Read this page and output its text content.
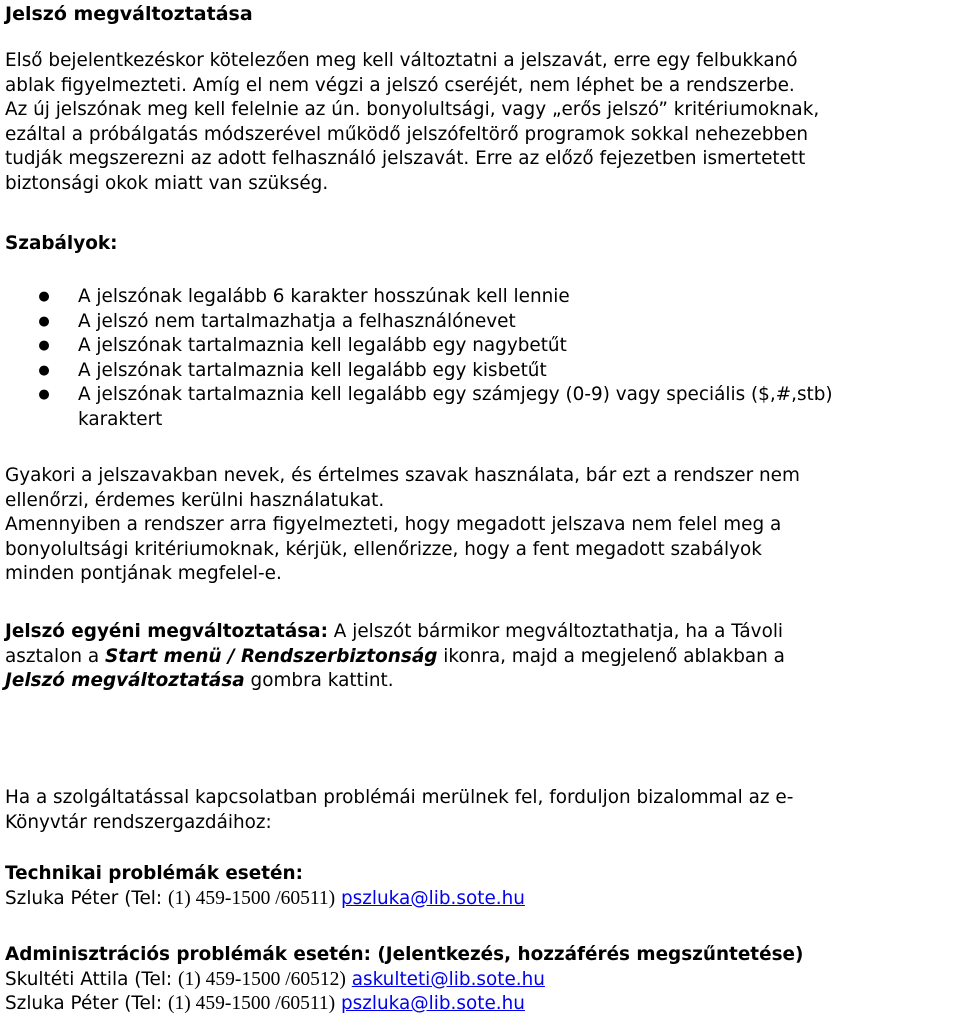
Jelszó megváltoztatása
Első bejelentkezéskor kötelezően meg kell változtatni a jelszavát, erre egy felbukkanó
ablak figyelmezteti. Amíg el nem végzi a jelszó cseréjét, nem léphet be a rendszerbe.
Az új jelszónak meg kell felelnie az ún. bonyolultsági, vagy „erős jelszó” kritériumoknak,
ezáltal a próbálgatás módszerével működő jelszófeltörő programok sokkal nehezebben
tudják megszerezni az adott felhasználó jelszavát. Erre az előző fejezetben ismertetett
biztonsági okok miatt van szükség.
Szabályok:
● A jelszónak legalább 6 karakter hosszúnak kell lennie
● A jelszó nem tartalmazhatja a felhasználónevet
● A jelszónak tartalmaznia kell legalább egy nagybetűt
● A jelszónak tartalmaznia kell legalább egy kisbetűt
● A jelszónak tartalmaznia kell legalább egy számjegy (0-9) vagy speciális ($,#,stb)
karaktert
Gyakori a jelszavakban nevek, és értelmes szavak használata, bár ezt a rendszer nem
ellenőrzi, érdemes kerülni használatukat.
Amennyiben a rendszer arra figyelmezteti, hogy megadott jelszava nem felel meg a
bonyolultsági kritériumoknak, kérjük, ellenőrizze, hogy a fent megadott szabályok
minden pontjának megfelel-e.
Jelszó egyéni megváltoztatása: A jelszót bármikor megváltoztathatja, ha a Távoli
asztalon a Start menü / Rendszerbiztonság ikonra, majd a megjelenő ablakban a
Jelszó megváltoztatása gombra kattint.
Ha a szolgáltatással kapcsolatban problémái merülnek fel, forduljon bizalommal az e-
Könyvtár rendszergazdáihoz:
Technikai problémák esetén:
Szluka Péter (Tel: (1) 459-1500 /60511) pszluka@lib.sote.hu
Adminisztrációs problémák esetén: (Jelentkezés, hozzáférés megszűntetése)
Skultéti Attila (Tel: (1) 459-1500 /60512) askulteti@lib.sote.hu
Szluka Péter (Tel: (1) 459-1500 /60511) pszluka@lib.sote.hu
